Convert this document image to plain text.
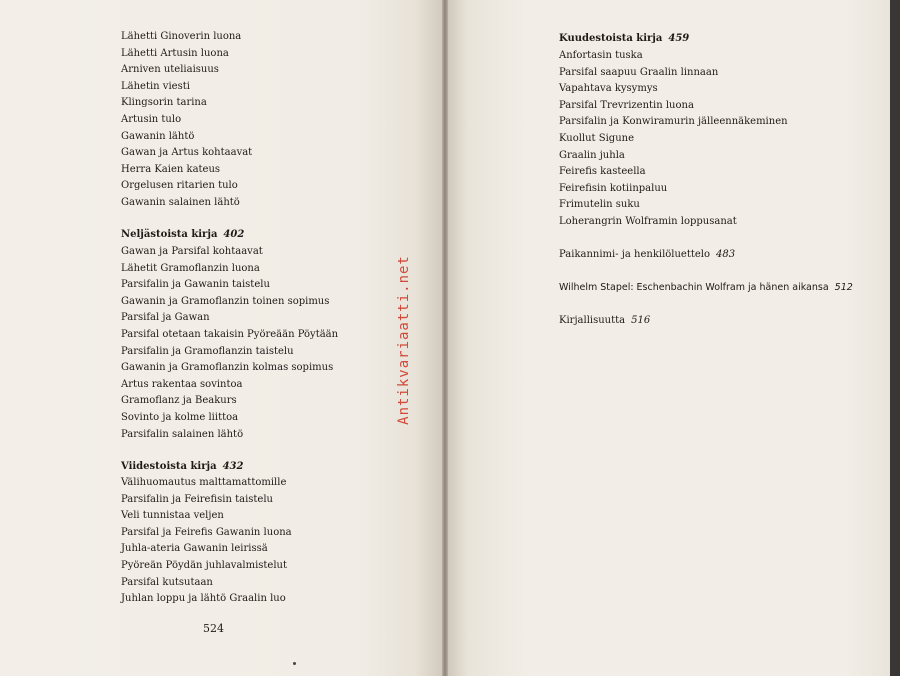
Lähetti Ginoverin luona
Lähetti Artusin luona
Arniven uteliaisuus
Lähetin viesti
Klingsorin tarina
Artusin tulo
Gawanin lähtö
Gawan ja Artus kohtaavat
Herra Kaien kateus
Orgelusen ritarien tulo
Gawanin salainen lähtö
Neljästoista kirja 402
Gawan ja Parsifal kohtaavat
Lähetit Gramoflanzin luona
Parsifalin ja Gawanin taistelu
Gawanin ja Gramoflanzin toinen sopimus
Parsifal ja Gawan
Parsifal otetaan takaisin Pyöreään Pöytään
Parsifalin ja Gramoflanzin taistelu
Gawanin ja Gramoflanzin kolmas sopimus
Artus rakentaa sovintoa
Gramoflanz ja Beakurs
Sovinto ja kolme liittoa
Parsifalin salainen lähtö
Viidestoista kirja 432
Välihuomautus malttamattomille
Parsifalin ja Feirefisin taistelu
Veli tunnistaa veljen
Parsifal ja Feirefis Gawanin luona
Juhla-ateria Gawanin leirissä
Pyöreän Pöydän juhlavalmistelut
Parsifal kutsutaan
Juhlan loppu ja lähtö Graalin luo
Kuudestoista kirja 459
Anfortasin tuska
Parsifal saapuu Graalin linnaan
Vapahtava kysymys
Parsifal Trevrizentin luona
Parsifalin ja Konwiramurin jälleennäkeminen
Kuollut Sigune
Graalin juhla
Feirefis kasteella
Feirefisin kotiinpaluu
Frimutelin suku
Loherangrin Wolframin loppusanat
Paikannimi- ja henkilöluettelo 483
Wilhelm Stapel: Eschenbachin Wolfram ja hänen aikansa 512
Kirjallisuutta 516
524
Antikvariaatti.net
